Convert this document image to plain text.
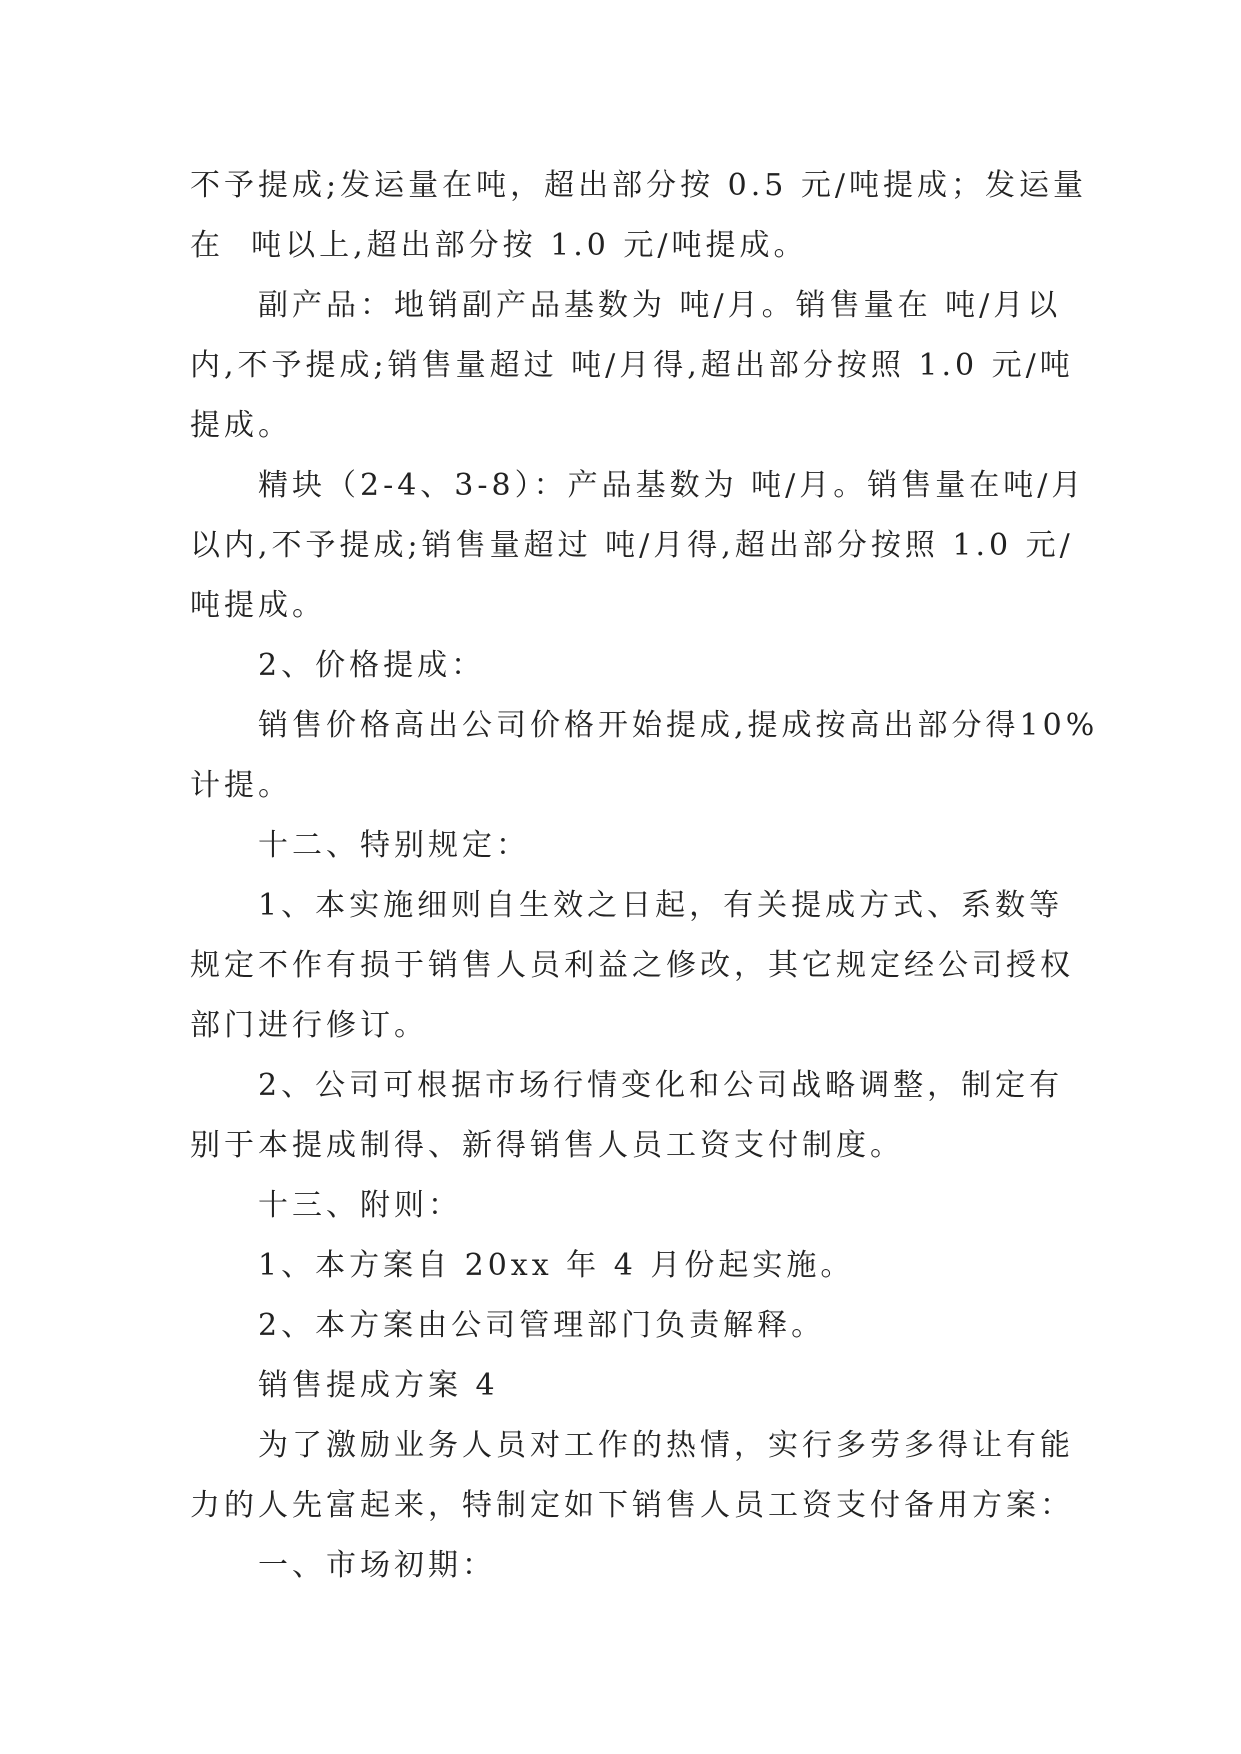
不予提成;发运量在吨，超出部分按 0.5 元/吨提成；发运量
在  吨以上,超出部分按 1.0 元/吨提成。
副产品：地销副产品基数为 吨/月。销售量在 吨/月以
内,不予提成;销售量超过 吨/月得,超出部分按照 1.0 元/吨
提成。
精块（2-4、3-8）：产品基数为 吨/月。销售量在吨/月
以内,不予提成;销售量超过 吨/月得,超出部分按照 1.0 元/
吨提成。
2、价格提成：
销售价格高出公司价格开始提成,提成按高出部分得10%
计提。
十二、特别规定：
1、本实施细则自生效之日起，有关提成方式、系数等
规定不作有损于销售人员利益之修改，其它规定经公司授权
部门进行修订。
2、公司可根据市场行情变化和公司战略调整，制定有
别于本提成制得、新得销售人员工资支付制度。
十三、附则：
1、本方案自 20xx 年 4 月份起实施。
2、本方案由公司管理部门负责解释。
销售提成方案 4
为了激励业务人员对工作的热情，实行多劳多得让有能
力的人先富起来，特制定如下销售人员工资支付备用方案：
一、市场初期：
